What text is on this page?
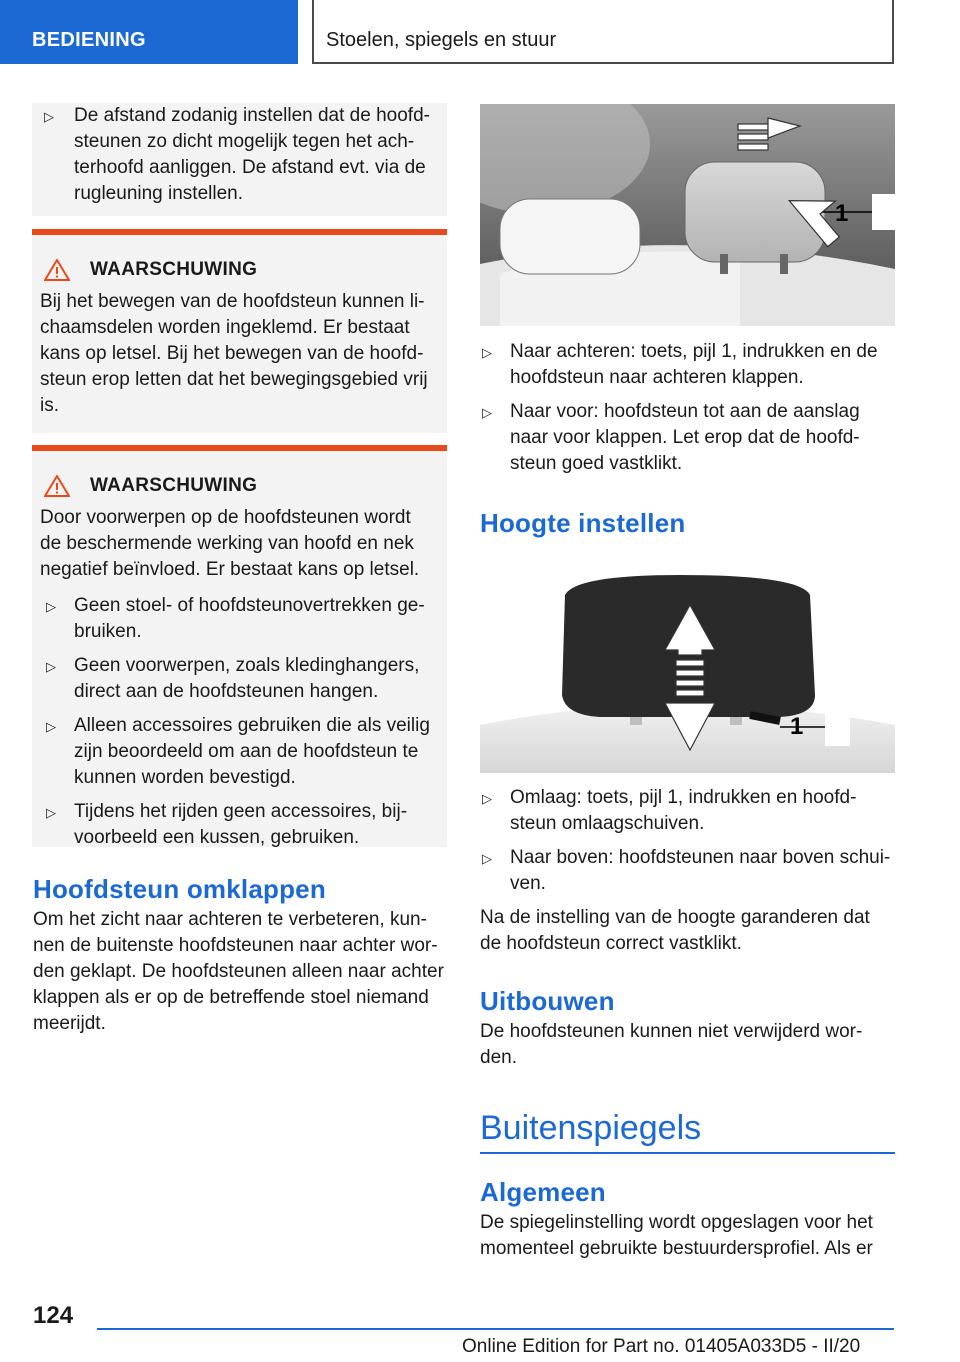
BEDIENING	Stoelen, spiegels en stuur
▷ De afstand zodanig instellen dat de hoofd-steunen zo dicht mogelijk tegen het ach-terhoofd aanliggen. De afstand evt. via de rugleuning instellen.
WAARSCHUWING

Bij het bewegen van de hoofdsteun kunnen li-chaamsdelen worden ingeklemd. Er bestaat kans op letsel. Bij het bewegen van de hoofd-steun erop letten dat het bewegingsgebied vrij is.

WAARSCHUWING

Door voorwerpen op de hoofdsteunen wordt de beschermende werking van hoofd en nek negatief beïnvloed. Er bestaat kans op letsel.

▷ Geen stoel- of hoofdsteunovertrekken ge-bruiken.
▷ Geen voorwerpen, zoals kledinghangers, direct aan de hoofdsteunen hangen.
▷ Alleen accessoires gebruiken die als veilig zijn beoordeeld om aan de hoofdsteun te kunnen worden bevestigd.
▷ Tijdens het rijden geen accessoires, bij-voorbeeld een kussen, gebruiken.
Hoofdsteun omklappen

Om het zicht naar achteren te verbeteren, kun-nen de buitenste hoofdsteunen naar achter wor-den geklapt. De hoofdsteunen alleen naar achter klappen als er op de betreffende stoel niemand meerijdt.

1
▷ Naar achteren: toets, pijl 1, indrukken en de hoofdsteun naar achteren klappen.
▷ Naar voor: hoofdsteun tot aan de aanslag naar voor klappen. Let erop dat de hoofd-steun goed vastklikt.
Hoogte instellen
1
▷ Omlaag: toets, pijl 1, indrukken en hoofd-steun omlaagschuiven.
▷ Naar boven: hoofdsteunen naar boven schui-ven.

Na de instelling van de hoogte garanderen dat de hoofdsteun correct vastklikt.

Uitbouwen

De hoofdsteunen kunnen niet verwijderd wor-den.

Buitenspiegels
Algemeen

De spiegelinstelling wordt opgeslagen voor het momenteel gebruikte bestuurdersprofiel. Als er

124
Online Edition for Part no. 01405A033D5 - II/20
